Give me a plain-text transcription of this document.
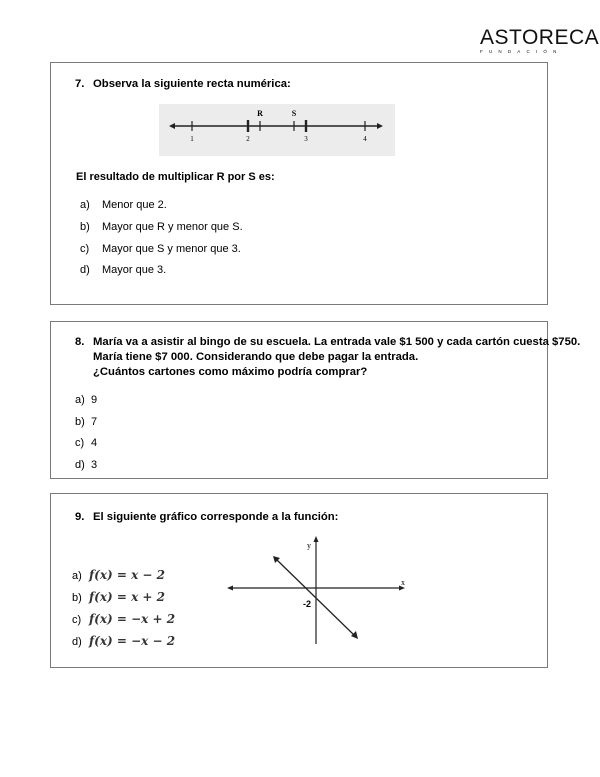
ASTORECA
FUNDACIÓN
7. Observa la siguiente recta numérica:
R	S
1	2	3	4
El resultado de multiplicar R por S es:
a) Menor que 2.
b) Mayor que R y menor que S.
c) Mayor que S y menor que 3.
d) Mayor que 3.
8. María va a asistir al bingo de su escuela. La entrada vale $1 500 y cada cartón cuesta $750.
María tiene $7 000. Considerando que debe pagar la entrada.
¿Cuántos cartones como máximo podría comprar?
a) 9
b) 7
c) 4
d) 3
9. El siguiente gráfico corresponde a la función:
a) f(x) = x − 2
b) f(x) = x + 2
c) f(x) = −x + 2
d) f(x) = −x − 2
y
x
-2
